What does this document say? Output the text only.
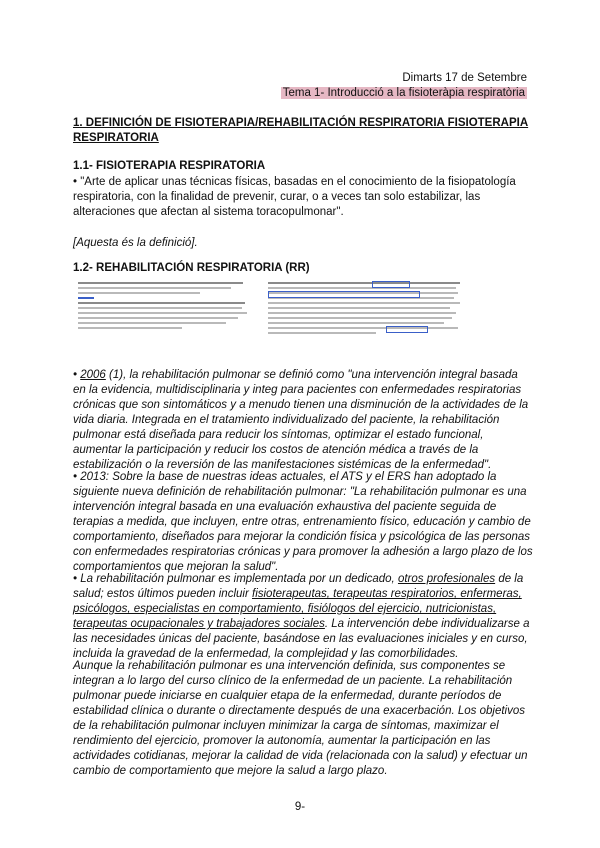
Dimarts 17 de Setembre
Tema 1- Introducció a la fisioteràpia respiratòria
1. DEFINICIÓN DE FISIOTERAPIA/REHABILITACIÓN RESPIRATORIA FISIOTERAPIA RESPIRATORIA
1.1- FISIOTERAPIA RESPIRATORIA
• "Arte de aplicar unas técnicas físicas, basadas en el conocimiento de la fisiopatología respiratoria, con la finalidad de prevenir, curar, o a veces tan solo estabilizar, las alteraciones que afectan al sistema toracopulmonar".
[Aquesta és la definició].
1.2- REHABILITACIÓN RESPIRATORIA (RR)
• 2006 (1), la rehabilitación pulmonar se definió como "una intervención integral basada en la evidencia, multidisciplinaria y integ para pacientes con enfermedades respiratorias crónicas que son sintomáticos y a menudo tienen una disminución de la actividades de la vida diaria. Integrada en el tratamiento individualizado del paciente, la rehabilitación pulmonar está diseñada para reducir los síntomas, optimizar el estado funcional, aumentar la participación y reducir los costos de atención médica a través de la estabilización o la reversión de las manifestaciones sistémicas de la enfermedad".
• 2013: Sobre la base de nuestras ideas actuales, el ATS y el ERS han adoptado la siguiente nueva definición de rehabilitación pulmonar: "La rehabilitación pulmonar es una intervención integral basada en una evaluación exhaustiva del paciente seguida de terapias a medida, que incluyen, entre otras, entrenamiento físico, educación y cambio de comportamiento, diseñados para mejorar la condición física y psicológica de las personas con enfermedades respiratorias crónicas y para promover la adhesión a largo plazo de los comportamientos que mejoran la salud".
• La rehabilitación pulmonar es implementada por un dedicado, otros profesionales de la salud; estos últimos pueden incluir fisioterapeutas, terapeutas respiratorios, enfermeras, psicólogos, especialistas en comportamiento, fisiólogos del ejercicio, nutricionistas, terapeutas ocupacionales y trabajadores sociales. La intervención debe individualizarse a las necesidades únicas del paciente, basándose en las evaluaciones iniciales y en curso, incluida la gravedad de la enfermedad, la complejidad y las comorbilidades.
Aunque la rehabilitación pulmonar es una intervención definida, sus componentes se integran a lo largo del curso clínico de la enfermedad de un paciente. La rehabilitación pulmonar puede iniciarse en cualquier etapa de la enfermedad, durante períodos de estabilidad clínica o durante o directamente después de una exacerbación. Los objetivos de la rehabilitación pulmonar incluyen minimizar la carga de síntomas, maximizar el rendimiento del ejercicio, promover la autonomía, aumentar la participación en las actividades cotidianas, mejorar la calidad de vida (relacionada con la salud) y efectuar un cambio de comportamiento que mejore la salud a largo plazo.
9-
